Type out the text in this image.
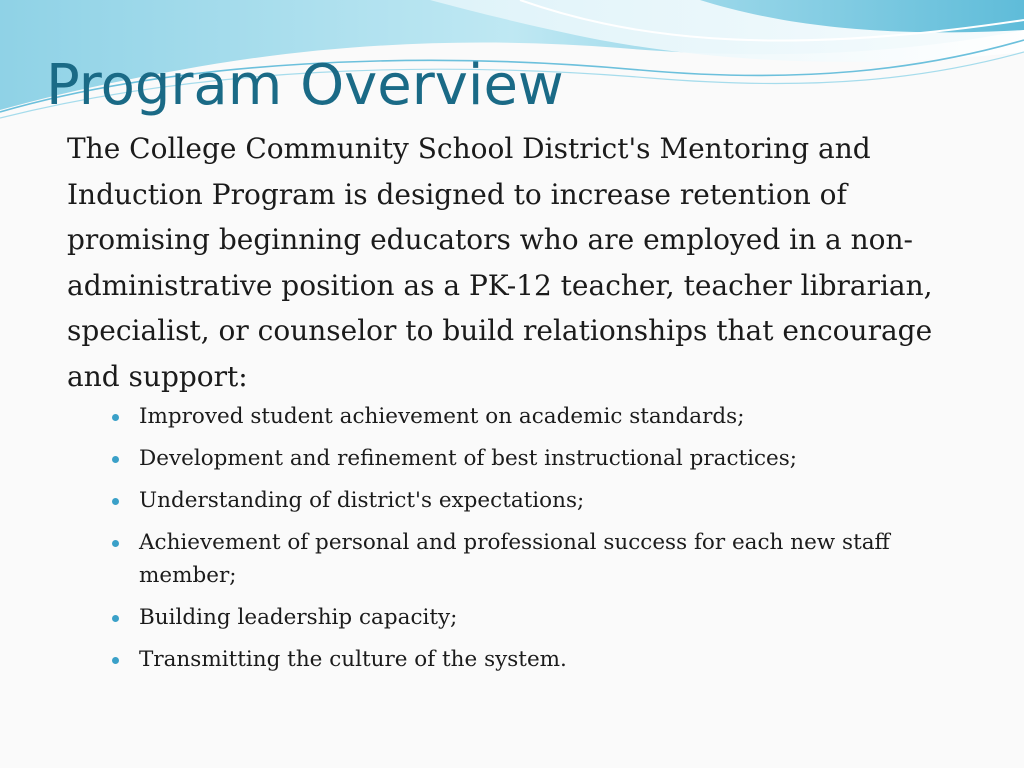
Program Overview

The College Community School District's Mentoring and Induction Program is designed to increase retention of promising beginning educators who are employed in a non-administrative position as a PK-12 teacher, teacher librarian, specialist, or counselor to build relationships that encourage and support:

Improved student achievement on academic standards;
Development and refinement of best instructional practices;
Understanding of district's expectations;
Achievement of personal and professional success for each new staff member;
Building leadership capacity;
Transmitting the culture of the system.
